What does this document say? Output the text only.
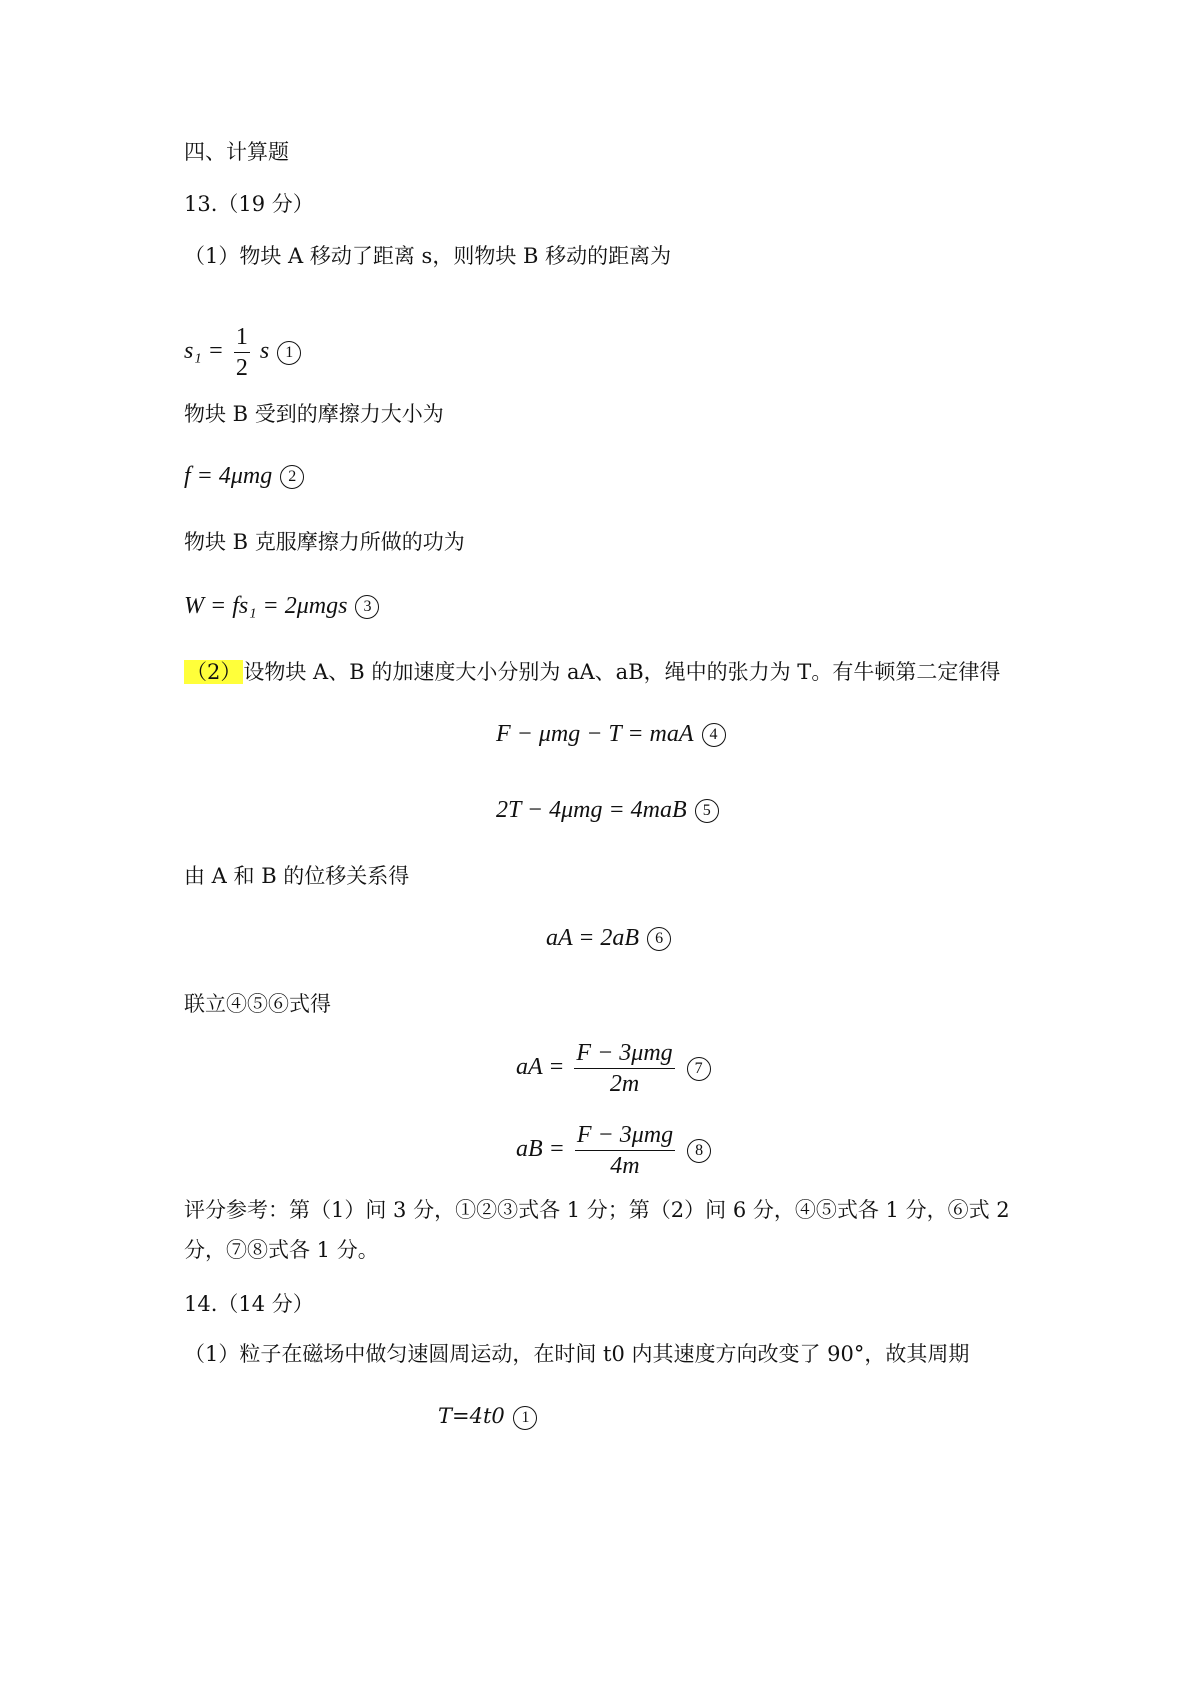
四、计算题
13.（19 分）
（1）物块 A 移动了距离 s，则物块 B 移动的距离为
$s_1 = \frac{1}{2}$ s 1
物块 B 受到的摩擦力大小为
f = 4μmg 2
物块 B 克服摩擦力所做的功为
W = fs₁ = 2μmgs 3
（2）设物块 A、B 的加速度大小分别为 aA、aB，绳中的张力为 T。有牛顿第二定律得
F − μmg − T = maA 4
2T − 4μmg = 4maB 5
由 A 和 B 的位移关系得
aA = 2aB 6
联立④⑤⑥式得
aA = $\frac{\text{F − 3μmg}}{2m} 7$
aB = $\frac{\text{F − 3μmg}}{4m} 8$
评分参考：第（1）问 3 分，①②③式各 1 分；第（2）问 6 分，④⑤式各 1 分，⑥式 2
分，⑦⑧式各 1 分。
14.（14 分）
（1）粒子在磁场中做匀速圆周运动，在时间 t0 内其速度方向改变了 90°，故其周期
T=4t0 1
